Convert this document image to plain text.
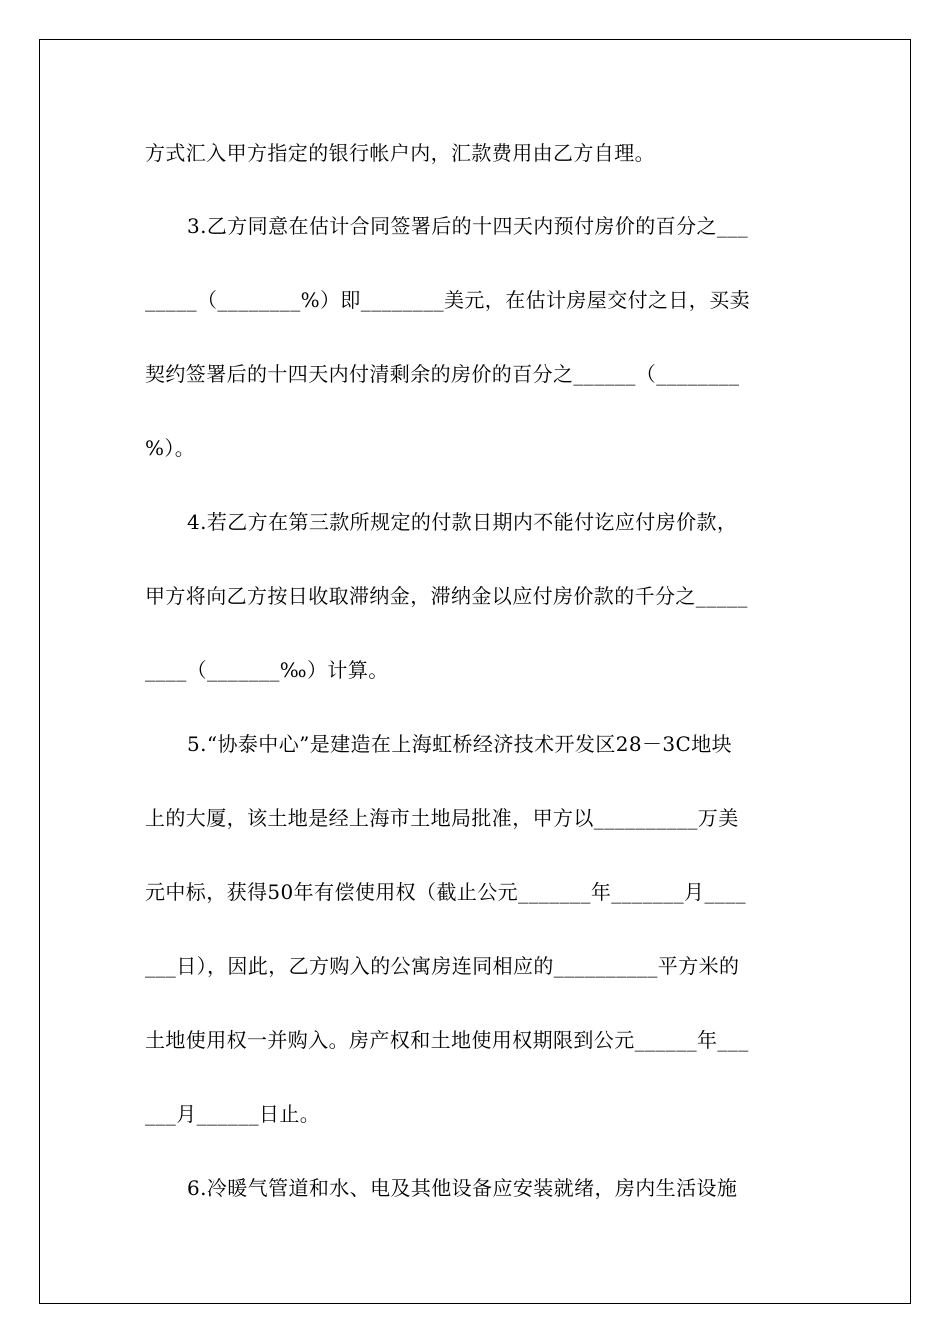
方式汇入甲方指定的银行帐户内，汇款费用由乙方自理。
3.乙方同意在估计合同签署后的十四天内预付房价的百分之___
_____（________%）即________美元，在估计房屋交付之日，买卖
契约签署后的十四天内付清剩余的房价的百分之______（________
%）。
4.若乙方在第三款所规定的付款日期内不能付讫应付房价款，
甲方将向乙方按日收取滞纳金，滞纳金以应付房价款的千分之_____
____（_______‰）计算。
5.“协泰中心”是建造在上海虹桥经济技术开发区28－3C地块
上的大厦，该土地是经上海市土地局批准，甲方以__________万美
元中标，获得50年有偿使用权（截止公元_______年_______月____
___日），因此，乙方购入的公寓房连同相应的__________平方米的
土地使用权一并购入。房产权和土地使用权期限到公元______年___
___月______日止。
6.冷暖气管道和水、电及其他设备应安装就绪，房内生活设施
